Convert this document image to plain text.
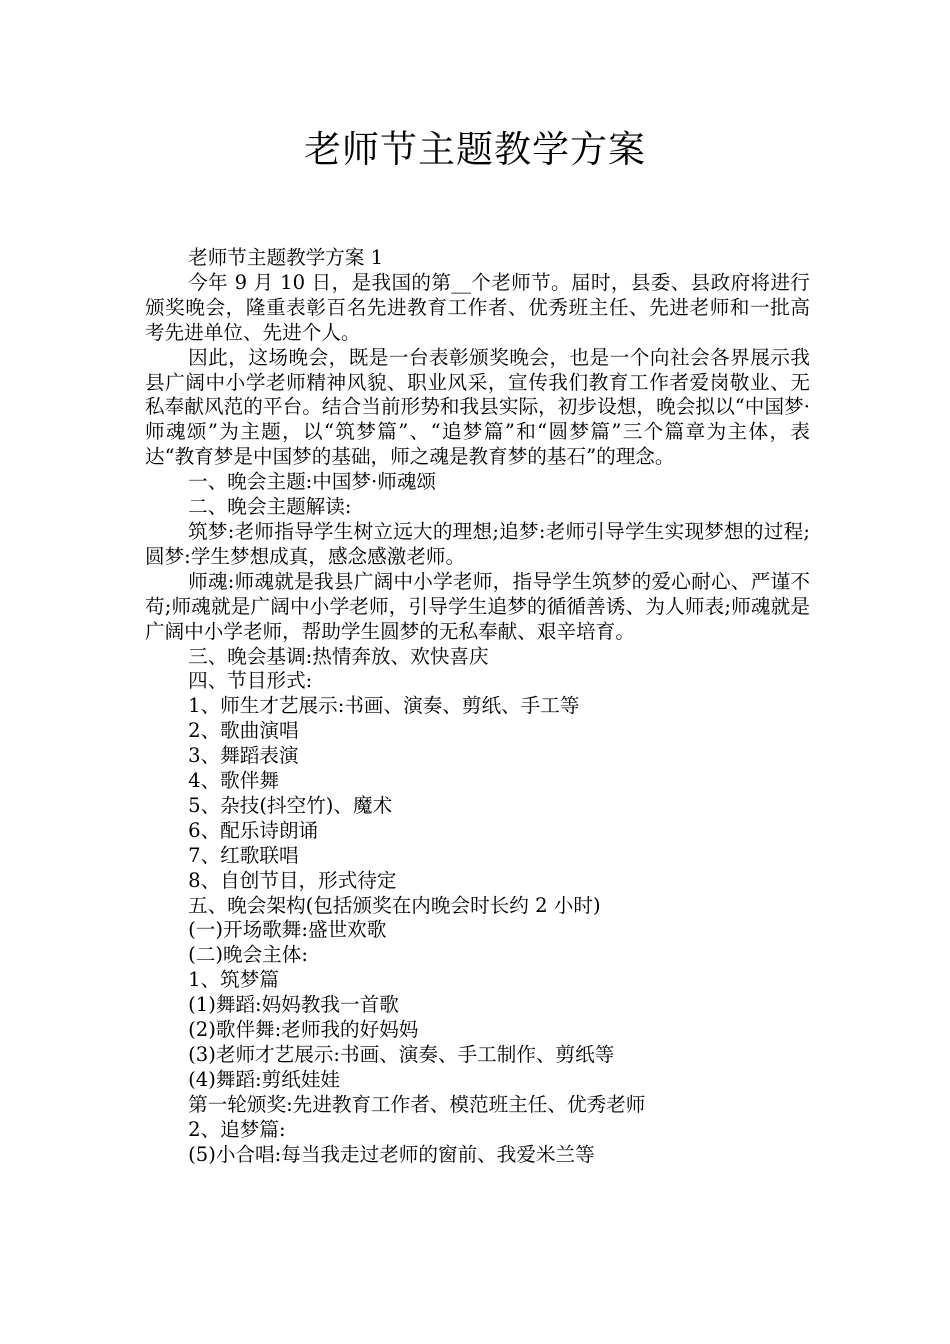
老师节主题教学方案

老师节主题教学方案 1

今年 9 月 10 日，是我国的第__个老师节。届时，县委、县政府将进行颁奖晚会，隆重表彰百名先进教育工作者、优秀班主任、先进老师和一批高考先进单位、先进个人。

因此，这场晚会，既是一台表彰颁奖晚会，也是一个向社会各界展示我县广阔中小学老师精神风貌、职业风采，宣传我们教育工作者爱岗敬业、无私奉献风范的平台。结合当前形势和我县实际，初步设想，晚会拟以“中国梦·师魂颂”为主题，以“筑梦篇”、“追梦篇”和“圆梦篇”三个篇章为主体，表达“教育梦是中国梦的基础，师之魂是教育梦的基石”的理念。

一、晚会主题:中国梦·师魂颂

二、晚会主题解读:

筑梦:老师指导学生树立远大的理想;追梦:老师引导学生实现梦想的过程;圆梦:学生梦想成真，感念感激老师。

师魂:师魂就是我县广阔中小学老师，指导学生筑梦的爱心耐心、严谨不苟;师魂就是广阔中小学老师，引导学生追梦的循循善诱、为人师表;师魂就是广阔中小学老师，帮助学生圆梦的无私奉献、艰辛培育。

三、晚会基调:热情奔放、欢快喜庆

四、节目形式:

1、师生才艺展示:书画、演奏、剪纸、手工等

2、歌曲演唱

3、舞蹈表演

4、歌伴舞

5、杂技(抖空竹)、魔术

6、配乐诗朗诵

7、红歌联唱

8、自创节目，形式待定

五、晚会架构(包括颁奖在内晚会时长约 2 小时)

(一)开场歌舞:盛世欢歌

(二)晚会主体:

1、筑梦篇

(1)舞蹈:妈妈教我一首歌

(2)歌伴舞:老师我的好妈妈

(3)老师才艺展示:书画、演奏、手工制作、剪纸等

(4)舞蹈:剪纸娃娃

第一轮颁奖:先进教育工作者、模范班主任、优秀老师

2、追梦篇:

(5)小合唱:每当我走过老师的窗前、我爱米兰等
